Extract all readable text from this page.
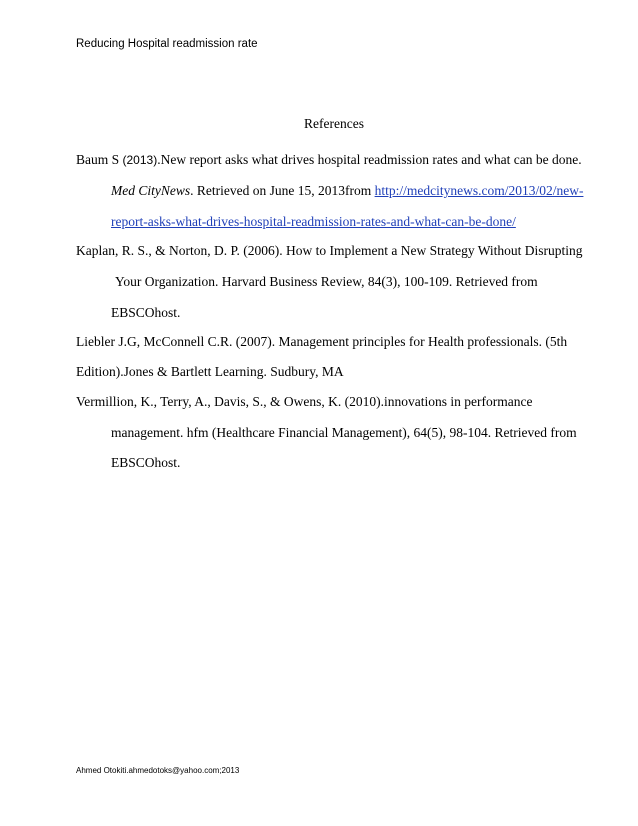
Reducing Hospital readmission rate
References
Baum S (2013).New report asks what drives hospital readmission rates and what can be done.
Med CityNews. Retrieved on June 15, 2013from http://medcitynews.com/2013/02/new-
report-asks-what-drives-hospital-readmission-rates-and-what-can-be-done/
Kaplan, R. S., & Norton, D. P. (2006). How to Implement a New Strategy Without Disrupting
Your Organization. Harvard Business Review, 84(3), 100-109. Retrieved from
EBSCOhost.
Liebler J.G, McConnell C.R. (2007). Management principles for Health professionals. (5th
Edition).Jones & Bartlett Learning. Sudbury, MA
Vermillion, K., Terry, A., Davis, S., & Owens, K. (2010).innovations in performance
management. hfm (Healthcare Financial Management), 64(5), 98-104. Retrieved from
EBSCOhost.
Ahmed Otokiti.ahmedotoks@yahoo.com;2013
